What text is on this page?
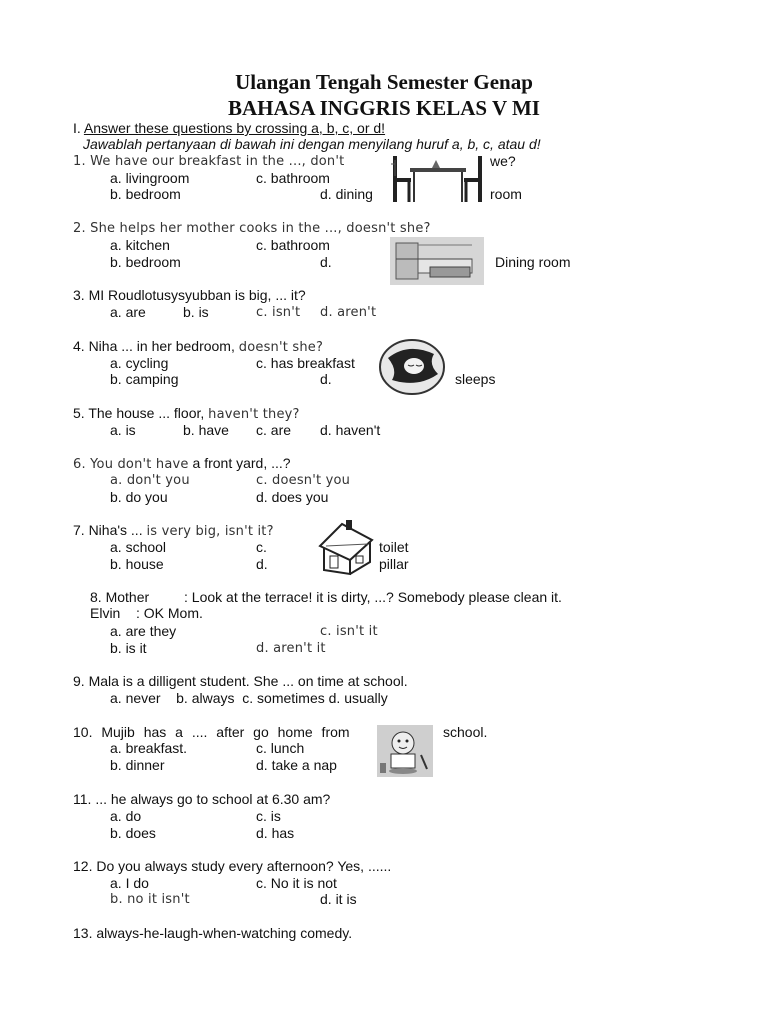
Ulangan Tengah Semester Genap
BAHASA INGGRIS KELAS V MI
I. Answer these questions by crossing a, b, c, or d!
Jawablah pertanyaan di bawah ini dengan menyilang huruf a, b, c, atau d!
1. We have our breakfast in the ..., don't	we?
a. livingroom	c. bathroom
b. bedroom	d. dining	room
2. She helps her mother cooks in the ..., doesn't she?
a. kitchen	c. bathroom
b. bedroom	d.	Dining room
3. MI Roudlotusysyubban is big, ... it?
a. are	b. is	c. isn't d. aren't
4. Niha ... in her bedroom, doesn't she?
a. cycling	c. has breakfast
b. camping	d.	sleeps
5. The house ... floor, haven't they?
a. is	b. have c. are d. haven't
6. You don't have a front yard, ...?
a. don't you	c. doesn't you
b. do you	d. does you
7. Niha's ... is very big, isn't it?
a. school	c.	toilet
b. house	d.	pillar
8. Mother : Look at the terrace! it is dirty, ...? Somebody please clean it.
Elvin : OK Mom.
a. are they	c. isn't it
b. is it	d. aren't it
9. Mala is a dilligent student. She ... on time at school.
a. never    b. always  c. sometimes d. usually
10. Mujib has a .... after go home from	school.
a. breakfast.	c. lunch
b. dinner	d. take a nap
11. ... he always go to school at 6.30 am?
a. do	c. is
b. does	d. has
12. Do you always study every afternoon? Yes, ......
a. I do	c. No it is not
b. no it isn't	d. it is
13. always-he-laugh-when-watching comedy.
